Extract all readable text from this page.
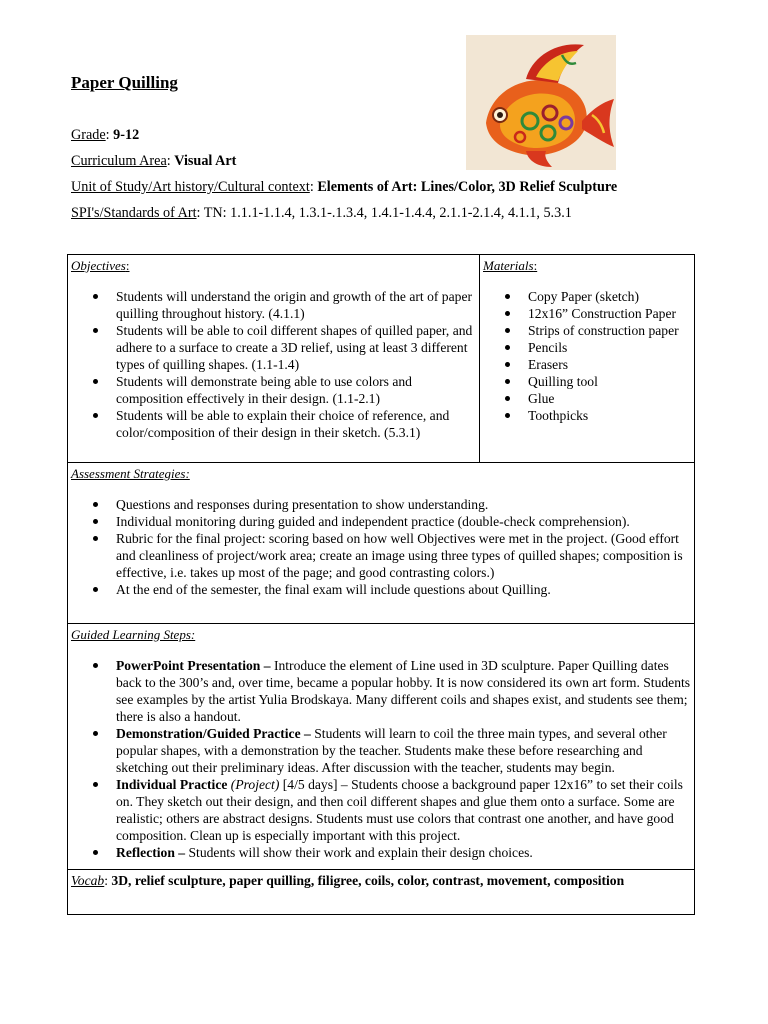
Paper Quilling
Grade: 9-12
Curriculum Area: Visual Art
Unit of Study/Art history/Cultural context: Elements of Art: Lines/Color, 3D Relief Sculpture
SPI's/Standards of Art: TN: 1.1.1-1.1.4, 1.3.1-.1.3.4, 1.4.1-1.4.4, 2.1.1-2.1.4, 4.1.1, 5.3.1

Objectives:

Students will understand the origin and growth of the art of paper quilling throughout history. (4.1.1)
Students will be able to coil different shapes of quilled paper, and adhere to a surface to create a 3D relief, using at least 3 different types of quilling shapes. (1.1-1.4)
Students will demonstrate being able to use colors and composition effectively in their design. (1.1-2.1)
Students will be able to explain their choice of reference, and color/composition of their design in their sketch. (5.3.1)

Materials:

Copy Paper (sketch)
12x16” Construction Paper
Strips of construction paper
Pencils
Erasers
Quilling tool
Glue
Toothpicks

Assessment Strategies:

Questions and responses during presentation to show understanding.
Individual monitoring during guided and independent practice (double-check comprehension).
Rubric for the final project: scoring based on how well Objectives were met in the project. (Good effort and cleanliness of project/work area; create an image using three types of quilled shapes; composition is effective, i.e. takes up most of the page; and good contrasting colors.)
At the end of the semester, the final exam will include questions about Quilling.

Guided Learning Steps:

PowerPoint Presentation – Introduce the element of Line used in 3D sculpture. Paper Quilling dates back to the 300’s and, over time, became a popular hobby. It is now considered its own art form. Students see examples by the artist Yulia Brodskaya. Many different coils and shapes exist, and students see them; there is also a handout.
Demonstration/Guided Practice – Students will learn to coil the three main types, and several other popular shapes, with a demonstration by the teacher. Students make these before researching and sketching out their preliminary ideas. After discussion with the teacher, students may begin.
Individual Practice (Project) [4/5 days] – Students choose a background paper 12x16” to set their coils on. They sketch out their design, and then coil different shapes and glue them onto a surface. Some are realistic; others are abstract designs. Students must use colors that contrast one another, and have good composition. Clean up is especially important with this project.
Reflection – Students will show their work and explain their design choices.

Vocab: 3D, relief sculpture, paper quilling, filigree, coils, color, contrast, movement, composition
